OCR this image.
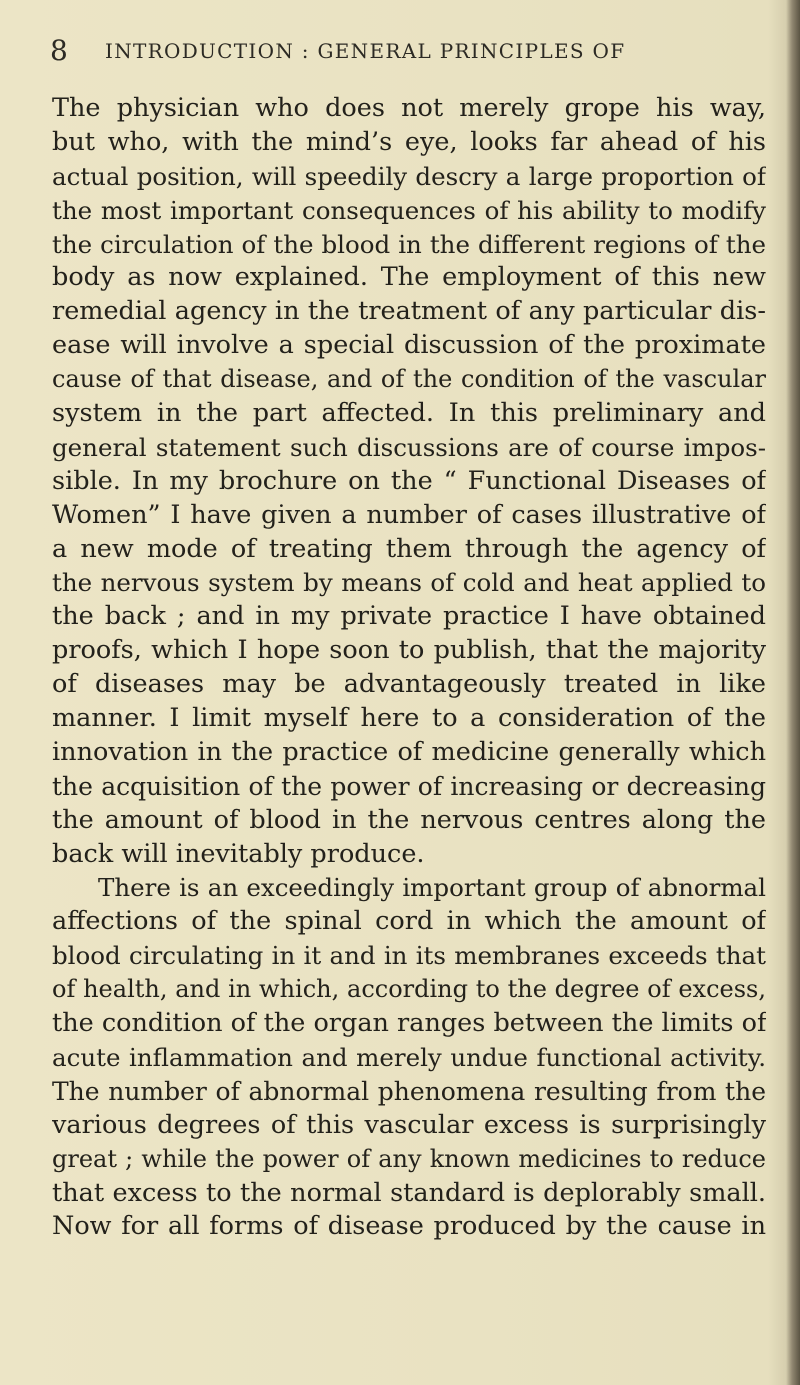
8 INTRODUCTION : GENERAL PRINCIPLES OF
The physician who does not merely grope his way,
but who, with the mind’s eye, looks far ahead of his
actual position, will speedily descry a large proportion of
the most important consequences of his ability to modify
the circulation of the blood in the different regions of the
body as now explained. The employment of this new
remedial agency in the treatment of any particular dis-
ease will involve a special discussion of the proximate
cause of that disease, and of the condition of the vascular
system in the part affected. In this preliminary and
general statement such discussions are of course impos-
sible. In my brochure on the “ Functional Diseases of
Women” I have given a number of cases illustrative of
a new mode of treating them through the agency of
the nervous system by means of cold and heat applied to
the back ; and in my private practice I have obtained
proofs, which I hope soon to publish, that the majority
of diseases may be advantageously treated in like
manner. I limit myself here to a consideration of the
innovation in the practice of medicine generally which
the acquisition of the power of increasing or decreasing
the amount of blood in the nervous centres along the
back will inevitably produce.
There is an exceedingly important group of abnormal
affections of the spinal cord in which the amount of
blood circulating in it and in its membranes exceeds that
of health, and in which, according to the degree of excess,
the condition of the organ ranges between the limits of
acute inflammation and merely undue functional activity.
The number of abnormal phenomena resulting from the
various degrees of this vascular excess is surprisingly
great ; while the power of any known medicines to reduce
that excess to the normal standard is deplorably small.
Now for all forms of disease produced by the cause in
